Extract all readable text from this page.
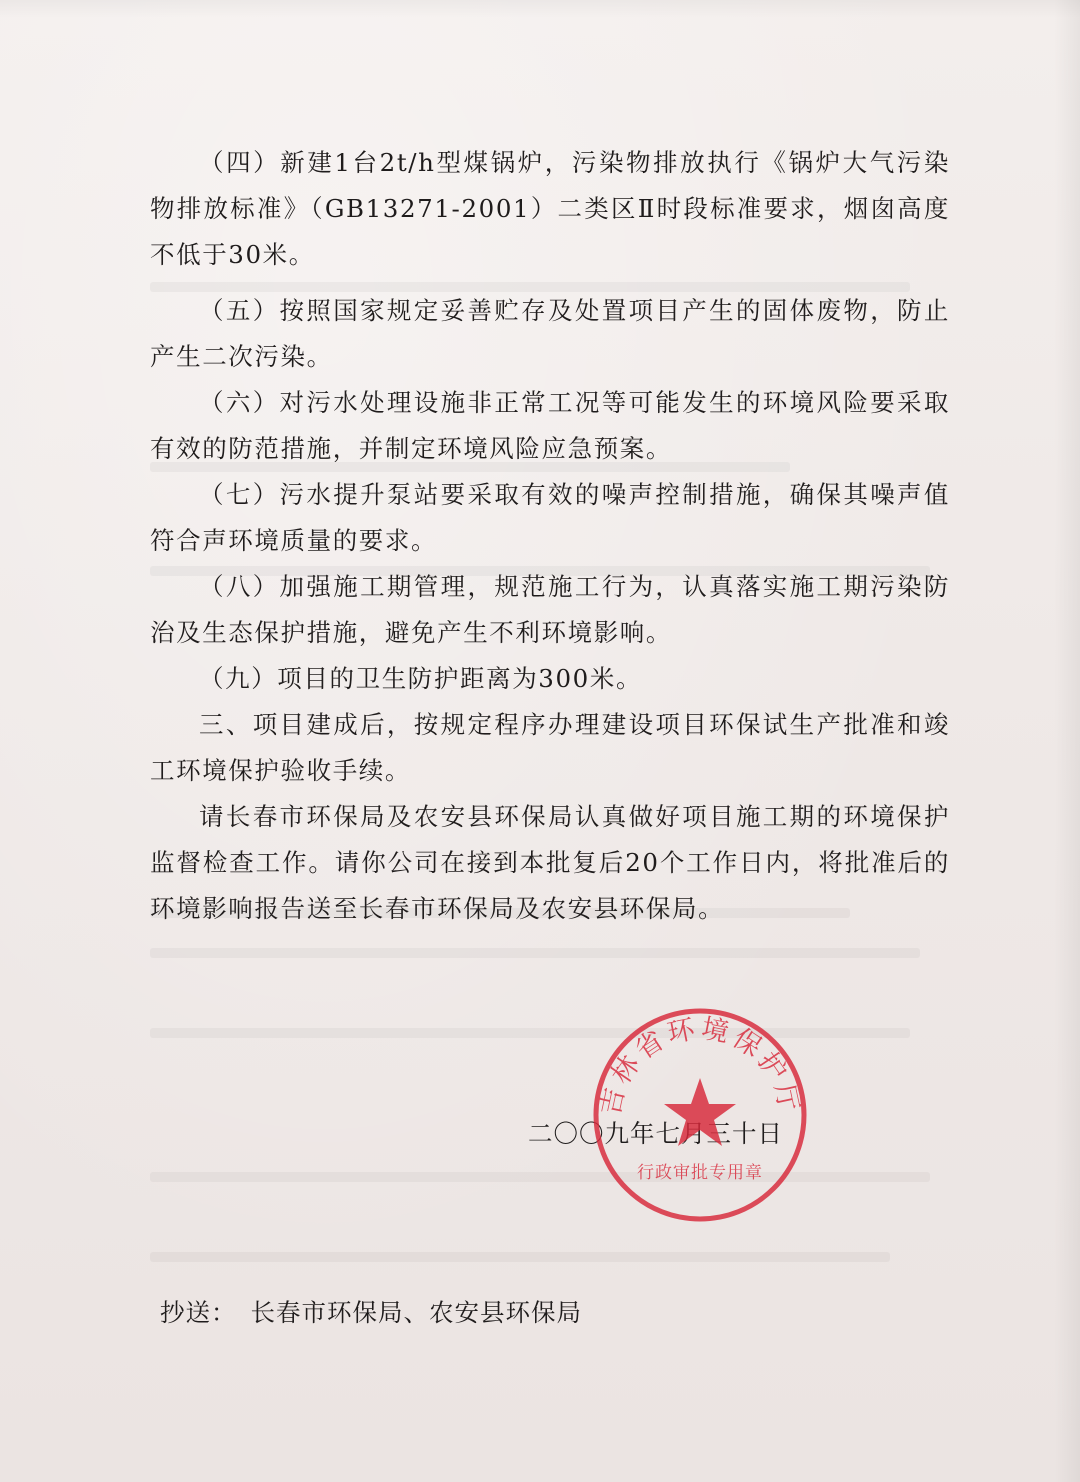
（四）新建1台2t/h型煤锅炉，污染物排放执行《锅炉大气污染物排放标准》（GB13271-2001）二类区Ⅱ时段标准要求，烟囱高度不低于30米。

（五）按照国家规定妥善贮存及处置项目产生的固体废物，防止产生二次污染。

（六）对污水处理设施非正常工况等可能发生的环境风险要采取有效的防范措施，并制定环境风险应急预案。

（七）污水提升泵站要采取有效的噪声控制措施，确保其噪声值符合声环境质量的要求。

（八）加强施工期管理，规范施工行为，认真落实施工期污染防治及生态保护措施，避免产生不利环境影响。

（九）项目的卫生防护距离为300米。

三、项目建成后，按规定程序办理建设项目环保试生产批准和竣工环境保护验收手续。

请长春市环保局及农安县环保局认真做好项目施工期的环境保护监督检查工作。请你公司在接到本批复后20个工作日内，将批准后的环境影响报告送至长春市环保局及农安县环保局。

二〇〇九年七月三十日
吉林省环境保护厅
行政审批专用章
抄送： 长春市环保局、农安县环保局
